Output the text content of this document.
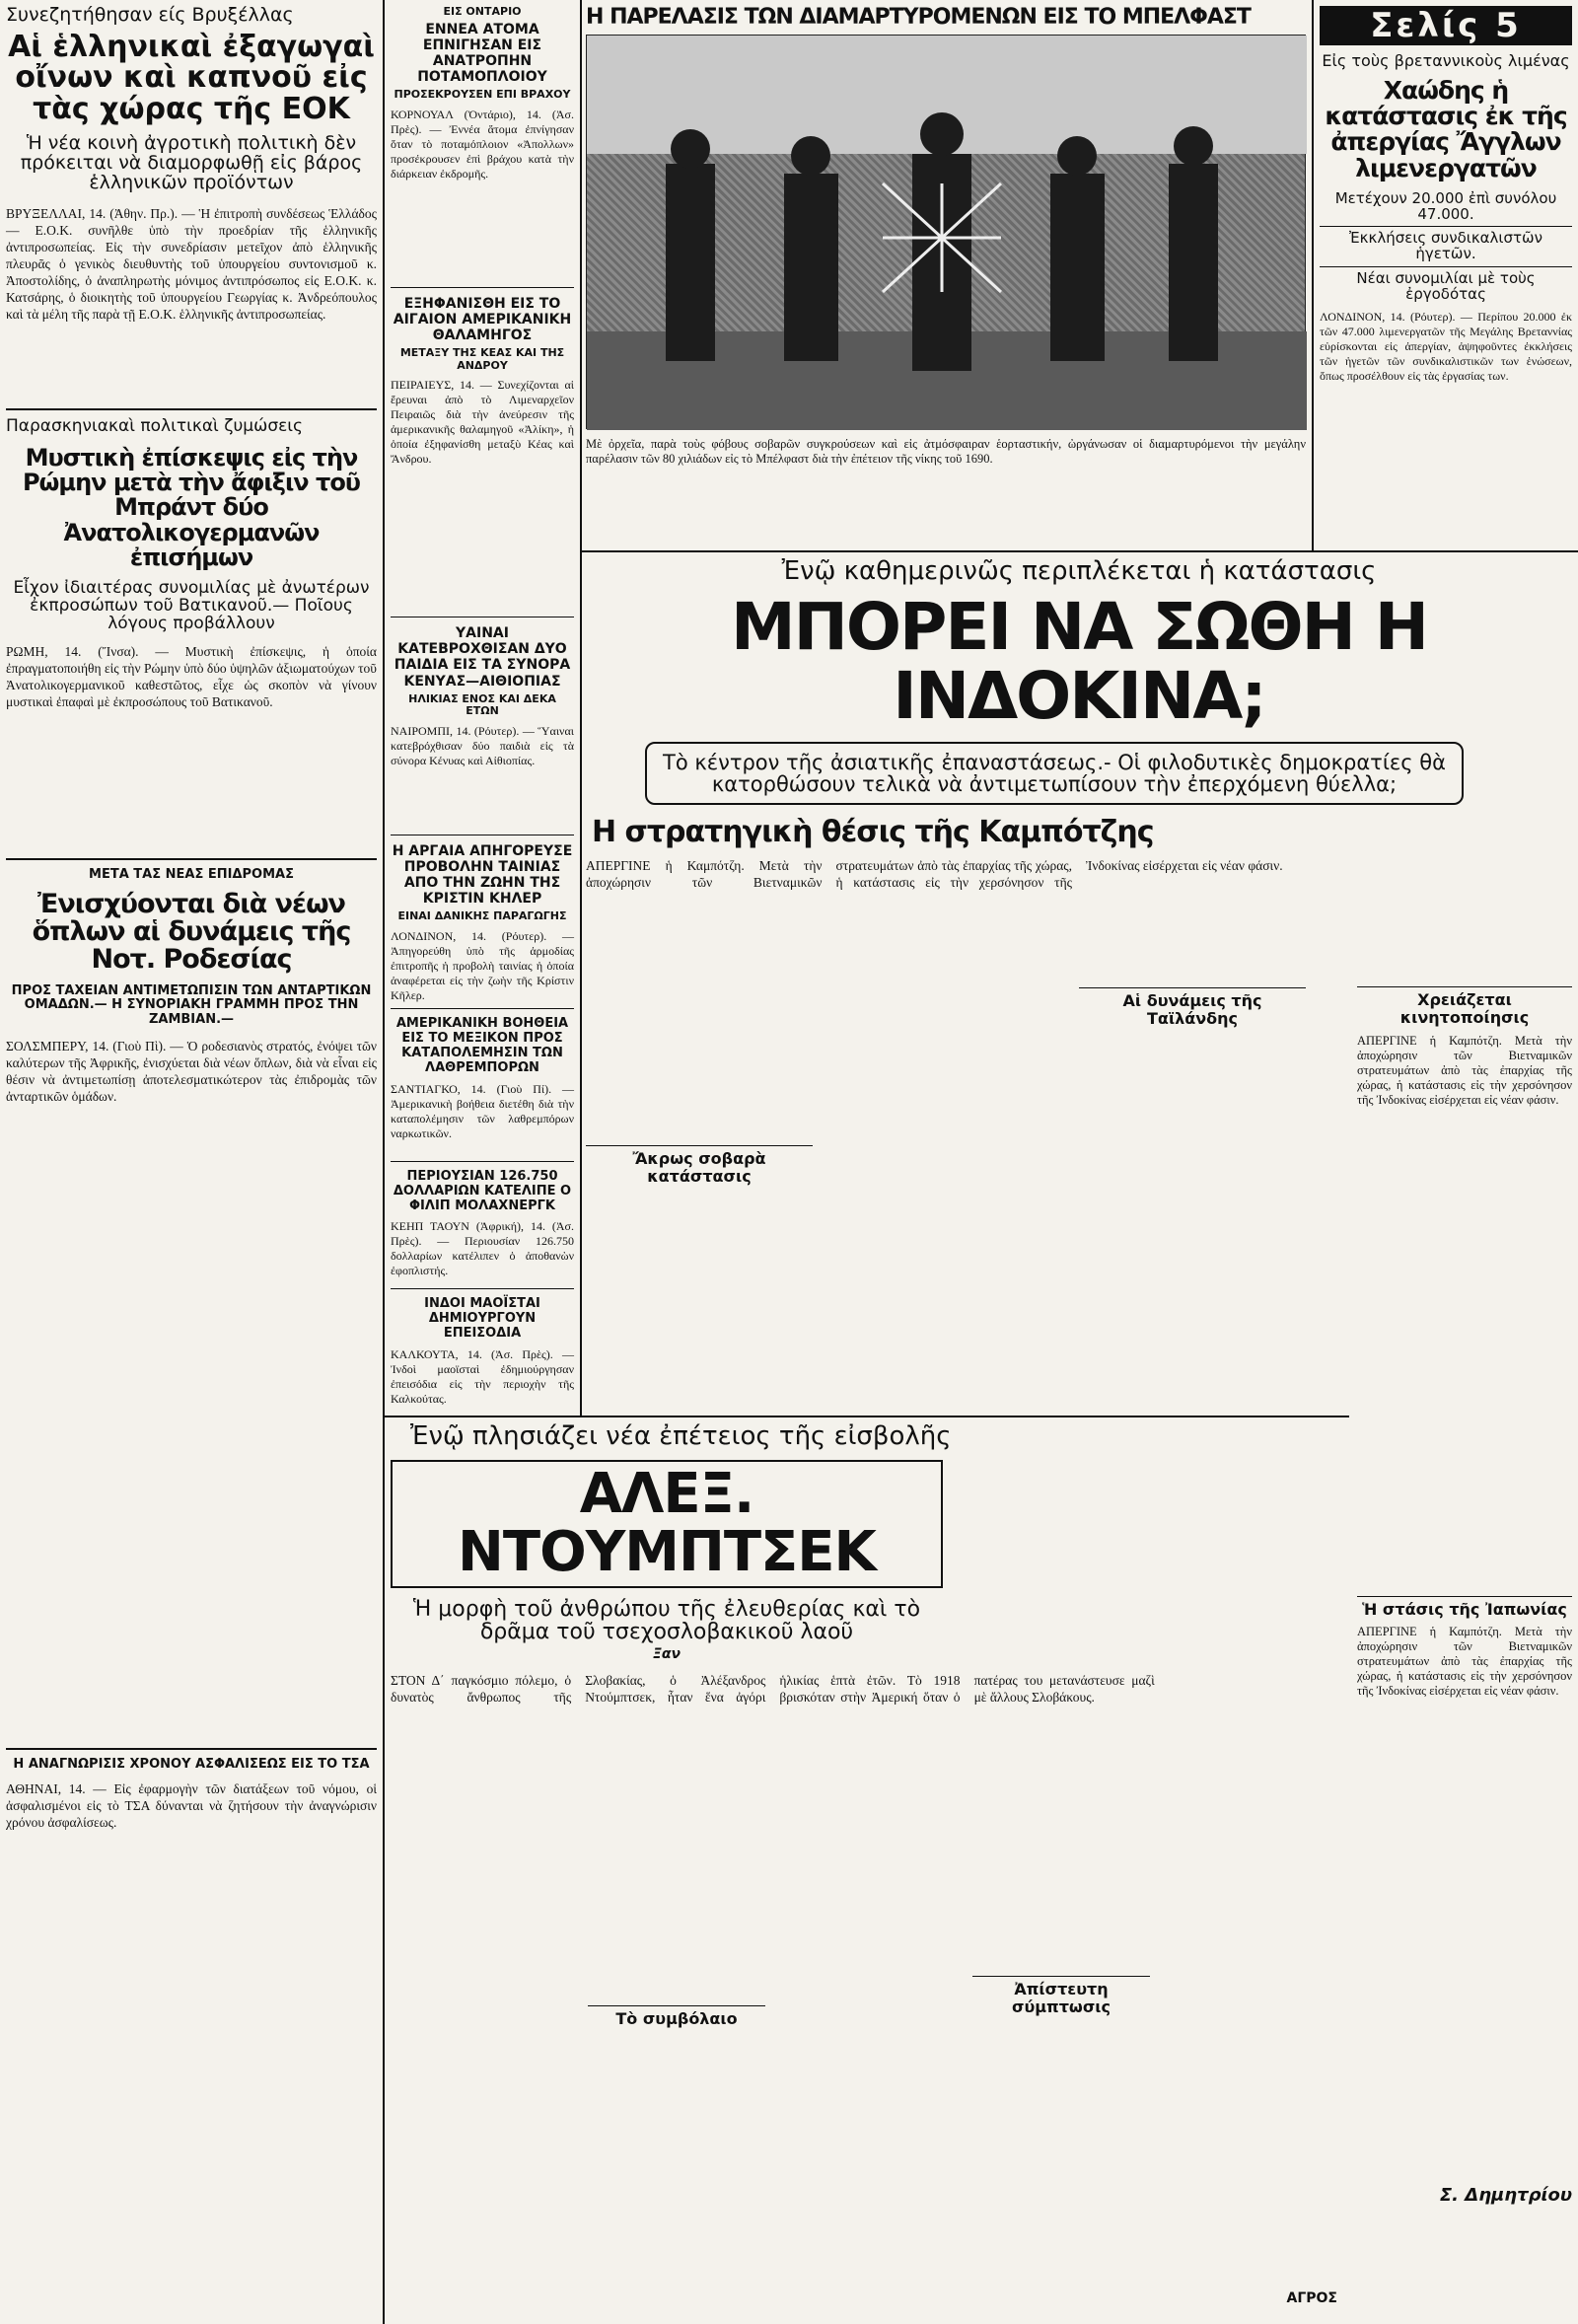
Συνεζητήθησαν είς Βρυξέλλας
Αἱ ἑλληνικαὶ ἐξαγωγαὶ οἴνων καὶ καπνοῦ εἰς τὰς χώρας τῆς ΕΟΚ
Ἡ νέα κοινὴ ἀγροτικὴ πολιτικὴ δὲν πρόκειται νὰ διαμορφωθῇ εἰς βάρος ἑλληνικῶν προϊόντων
ΒΡΥΞΕΛΛΑΙ, 14. (Ἀθην. Πρ.). — Ἡ ἐπιτροπὴ συνδέσεως Ἑλλάδος — Ε.Ο.Κ. συνῆλθε ὑπὸ τὴν προεδρίαν τῆς ἑλληνικῆς ἀντιπροσωπείας. Εἰς τὴν συνεδρίασιν μετεῖχον ἀπὸ ἑλληνικῆς πλευρᾶς ὁ γενικὸς διευθυντὴς τοῦ ὑπουργείου συντονισμοῦ κ. Ἀποστολίδης, ὁ ἀναπληρωτὴς μόνιμος ἀντιπρόσωπος εἰς Ε.Ο.Κ. κ. Κατσάρης, ὁ διοικητὴς τοῦ ὑπουργείου Γεωργίας κ. Ἀνδρεόπουλος καὶ τὰ μέλη τῆς παρὰ τῇ Ε.Ο.Κ. ἑλληνικῆς ἀντιπροσωπείας.
Παρασκηνιακαὶ πολιτικαὶ ζυμώσεις
Μυστικὴ ἐπίσκεψις εἰς τὴν Ρώμην μετὰ τὴν ἄφιξιν τοῦ Μπράντ δύο Ἀνατολικογερμανῶν ἐπισήμων
Εἶχον ἰδιαιτέρας συνομιλίας μὲ ἀνωτέρων ἐκπροσώπων τοῦ Βατικανοῦ.— Ποῖους λόγους προβάλλουν
ΡΩΜΗ, 14. (Ἴνσα). — Μυστικὴ ἐπίσκεψις, ἡ ὁποία ἐπραγματοποιήθη εἰς τὴν Ρώμην ὑπὸ δύο ὑψηλῶν ἀξιωματούχων τοῦ Ἀνατολικογερμανικοῦ καθεστῶτος, εἶχε ὡς σκοπὸν νὰ γίνουν μυστικαὶ ἐπαφαὶ μὲ ἐκπροσώπους τοῦ Βατικανοῦ.
ΜΕΤΑ ΤΑΣ ΝΕΑΣ ΕΠΙΔΡΟΜΑΣ
Ἐνισχύονται διὰ νέων ὅπλων αἱ δυνάμεις τῆς Νοτ. Ροδεσίας
ΠΡΟΣ ΤΑΧΕΙΑΝ ΑΝΤΙΜΕΤΩΠΙΣΙΝ ΤΩΝ ΑΝΤΑΡΤΙΚΩΝ ΟΜΑΔΩΝ.— Η ΣΥΝΟΡΙΑΚΗ ΓΡΑΜΜΗ ΠΡΟΣ ΤΗΝ ΖΑΜΒΙΑΝ.—
ΣΟΛΣΜΠΕΡΥ, 14. (Γιοὺ Πὶ). — Ὁ ροδεσιανὸς στρατός, ἐνόψει τῶν καλύτερων τῆς Ἀφρικῆς, ἐνισχύεται διὰ νέων ὅπλων, διὰ νὰ εἶναι εἰς θέσιν νὰ ἀντιμετωπίσῃ ἀποτελεσματικώτερον τὰς ἐπιδρομὰς τῶν ἀνταρτικῶν ὁμάδων.
Η ΑΝΑΓΝΩΡΙΣΙΣ ΧΡΟΝΟΥ ΑΣΦΑΛΙΣΕΩΣ ΕΙΣ ΤΟ ΤΣΑ
ΑΘΗΝΑΙ, 14. — Εἰς ἐφαρμογὴν τῶν διατάξεων τοῦ νόμου, οἱ ἀσφαλισμένοι εἰς τὸ ΤΣΑ δύνανται νὰ ζητήσουν τὴν ἀναγνώρισιν χρόνου ἀσφαλίσεως.
ΕΙΣ ΟΝΤΑΡΙΟ
ΕΝΝΕΑ ΑΤΟΜΑ ΕΠΝΙΓΗΣΑΝ ΕΙΣ ΑΝΑΤΡΟΠΗΝ ΠΟΤΑΜΟΠΛΟΙΟΥ
ΠΡΟΣΕΚΡΟΥΣΕΝ ΕΠΙ ΒΡΑΧΟΥ
ΚΟΡΝΟΥΑΛ (Ὀντάριο), 14. (Ἀσ. Πρὲς). — Ἐννέα ἄτομα ἐπνίγησαν ὅταν τὸ ποταμόπλοιον «Ἀπολλων» προσέκρουσεν ἐπὶ βράχου κατὰ τὴν διάρκειαν ἐκδρομῆς.
ΕΞΗΦΑΝΙΣΘΗ ΕΙΣ ΤΟ ΑΙΓΑΙΟΝ ΑΜΕΡΙΚΑΝΙΚΗ ΘΑΛΑΜΗΓΟΣ
ΜΕΤΑΞΥ ΤΗΣ ΚΕΑΣ ΚΑΙ ΤΗΣ ΑΝΔΡΟΥ
ΠΕΙΡΑΙΕΥΣ, 14. — Συνεχίζονται αἱ ἔρευναι ἀπὸ τὸ Λιμεναρχεῖον Πειραιῶς διὰ τὴν ἀνεύρεσιν τῆς ἀμερικανικῆς θαλαμηγοῦ «Ἀλίκη», ἡ ὁποία ἐξηφανίσθη μεταξὺ Κέας καὶ Ἄνδρου.
ΥΑΙΝΑΙ ΚΑΤΕΒΡΟΧΘΙΣΑΝ ΔΥΟ ΠΑΙΔΙΑ ΕΙΣ ΤΑ ΣΥΝΟΡΑ ΚΕΝΥΑΣ—ΑΙΘΙΟΠΙΑΣ
ΗΛΙΚΙΑΣ ΕΝΟΣ ΚΑΙ ΔΕΚΑ ΕΤΩΝ
ΝΑΙΡΟΜΠΙ, 14. (Ρόυτερ). — Ὕαιναι κατεβρόχθισαν δύο παιδιὰ εἰς τὰ σύνορα Κένυας καὶ Αἰθιοπίας.
Η ΑΡΓΑΙΑ ΑΠΗΓΟΡΕΥΣΕ ΠΡΟΒΟΛΗΝ ΤΑΙΝΙΑΣ ΑΠΟ ΤΗΝ ΖΩΗΝ ΤΗΣ ΚΡΙΣΤΙΝ ΚΗΛΕΡ
ΕΙΝΑΙ ΔΑΝΙΚΗΣ ΠΑΡΑΓΩΓΗΣ
ΛΟΝΔΙΝΟΝ, 14. (Ρόυτερ). — Ἀπηγορεύθη ὑπὸ τῆς ἀρμοδίας ἐπιτροπῆς ἡ προβολὴ ταινίας ἡ ὁποία ἀναφέρεται εἰς τὴν ζωὴν τῆς Κρίστιν Κῆλερ.
ΑΜΕΡΙΚΑΝΙΚΗ ΒΟΗΘΕΙΑ ΕΙΣ ΤΟ ΜΕΞΙΚΟΝ ΠΡΟΣ ΚΑΤΑΠΟΛΕΜΗΣΙΝ ΤΩΝ ΛΑΘΡΕΜΠΟΡΩΝ
ΣΑΝΤΙΑΓΚΟ, 14. (Γιοὺ Πί). — Ἀμερικανικὴ βοήθεια διετέθη διὰ τὴν καταπολέμησιν τῶν λαθρεμπόρων ναρκωτικῶν.
ΠΕΡΙΟΥΣΙΑΝ 126.750 ΔΟΛΛΑΡΙΩΝ ΚΑΤΕΛΙΠΕ Ο ΦΙΛΙΠ ΜΟΛΑΧΝΕΡΓΚ
ΚΕΗΠ ΤΑΟΥΝ (Ἀφρική), 14. (Ἀσ. Πρὲς). — Περιουσίαν 126.750 δολλαρίων κατέλιπεν ὁ ἀποθανὼν ἐφοπλιστής.
ΙΝΔΟΙ ΜΑΟΪΣΤΑΙ ΔΗΜΙΟΥΡΓΟΥΝ ΕΠΕΙΣΟΔΙΑ
ΚΑΛΚΟΥΤΑ, 14. (Ἀσ. Πρὲς). — Ἰνδοὶ μαοϊσταὶ ἐδημιούργησαν ἐπεισόδια εἰς τὴν περιοχὴν τῆς Καλκούτας.
Η ΠΑΡΕΛΑΣΙΣ ΤΩΝ ΔΙΑΜΑΡΤΥΡΟΜΕΝΩΝ ΕΙΣ ΤΟ ΜΠΕΛΦΑΣΤ
Μὲ ὀρχεῖα, παρὰ τοὺς φόβους σοβαρῶν συγκρούσεων καὶ εἰς ἀτμόσφαιραν ἑορταστικήν, ὠργάνωσαν οἱ διαμαρτυρόμενοι τὴν μεγάλην παρέλασιν τῶν 80 χιλιάδων εἰς τὸ Μπέλφαστ διὰ τὴν ἐπέτειον τῆς νίκης τοῦ 1690.
Σελίς 5
Εἰς τοὺς βρεταννικοὺς λιμένας
Χαώδης ἡ κατάστασις ἐκ τῆς ἀπεργίας Ἄγγλων λιμενεργατῶν
Μετέχουν 20.000 ἐπὶ συνόλου 47.000.
Ἐκκλήσεις συνδικαλιστῶν ἡγετῶν.
Νέαι συνομιλίαι μὲ τοὺς ἐργοδότας
ΛΟΝΔΙΝΟΝ, 14. (Ρόυτερ). — Περίπου 20.000 ἐκ τῶν 47.000 λιμενεργατῶν τῆς Μεγάλης Βρεταννίας εὑρίσκονται εἰς ἀπεργίαν, ἀψηφοῦντες ἐκκλήσεις τῶν ἡγετῶν τῶν συνδικαλιστικῶν των ἑνώσεων, ὅπως προσέλθουν εἰς τὰς ἐργασίας των.
Ἐνῷ καθημερινῶς περιπλέκεται ἡ κατάστασις
ΜΠΟΡΕΙ ΝΑ ΣΩΘΗ Η ΙΝΔΟΚΙΝΑ;
Τὸ κέντρον τῆς ἀσιατικῆς ἐπαναστάσεως.- Οἱ φιλοδυτικὲς δημοκρατίες θὰ κατορθώσουν τελικὰ νὰ ἀντιμετωπίσουν τὴν ἐπερχόμενη θύελλα;
Η στρατηγικὴ θέσις τῆς Καμπότζης
ΑΠΕΡΓΙΝΕ ἡ Καμπότζη. Μετὰ τὴν ἀποχώρησιν τῶν Βιετναμικῶν στρατευμάτων ἀπὸ τὰς ἐπαρχίας τῆς χώρας, ἡ κατάστασις εἰς τὴν χερσόνησον τῆς Ἰνδοκίνας εἰσέρχεται εἰς νέαν φάσιν.
Ἄκρως σοβαρὰ κατάστασις
Αἱ δυνάμεις τῆς Ταϊλάνδης
Χρειάζεται κινητοποίησις
ΑΠΕΡΓΙΝΕ ἡ Καμπότζη. Μετὰ τὴν ἀποχώρησιν τῶν Βιετναμικῶν στρατευμάτων ἀπὸ τὰς ἐπαρχίας τῆς χώρας, ἡ κατάστασις εἰς τὴν χερσόνησον τῆς Ἰνδοκίνας εἰσέρχεται εἰς νέαν φάσιν.
Ἡ στάσις τῆς Ἰαπωνίας
ΑΠΕΡΓΙΝΕ ἡ Καμπότζη. Μετὰ τὴν ἀποχώρησιν τῶν Βιετναμικῶν στρατευμάτων ἀπὸ τὰς ἐπαρχίας τῆς χώρας, ἡ κατάστασις εἰς τὴν χερσόνησον τῆς Ἰνδοκίνας εἰσέρχεται εἰς νέαν φάσιν.
Σ. Δημητρίου
Ἐνῷ πλησιάζει νέα ἐπέτειος τῆς εἰσβολῆς
ΑΛΕΞ. ΝΤΟΥΜΠΤΣΕΚ
Ἡ μορφὴ τοῦ ἀνθρώπου τῆς ἐλευθερίας καὶ τὸ δρᾶμα τοῦ τσεχοσλοβακικοῦ λαοῦ
Ξαν
ΣΤΟΝ Δ΄ παγκόσμιο πόλεμο, ὁ δυνατὸς ἄνθρωπος τῆς Σλοβακίας, ὁ Ἀλέξανδρος Ντούμπτσεκ, ἦταν ἕνα ἀγόρι ἡλικίας ἑπτὰ ἐτῶν. Τὸ 1918 βρισκόταν στὴν Ἀμερική ὅταν ὁ πατέρας του μετανάστευσε μαζὶ μὲ ἄλλους Σλοβάκους.
Τὸ συμβόλαιο
Ἀπίστευτη σύμπτωσις
ΑΓΡΟΣ
